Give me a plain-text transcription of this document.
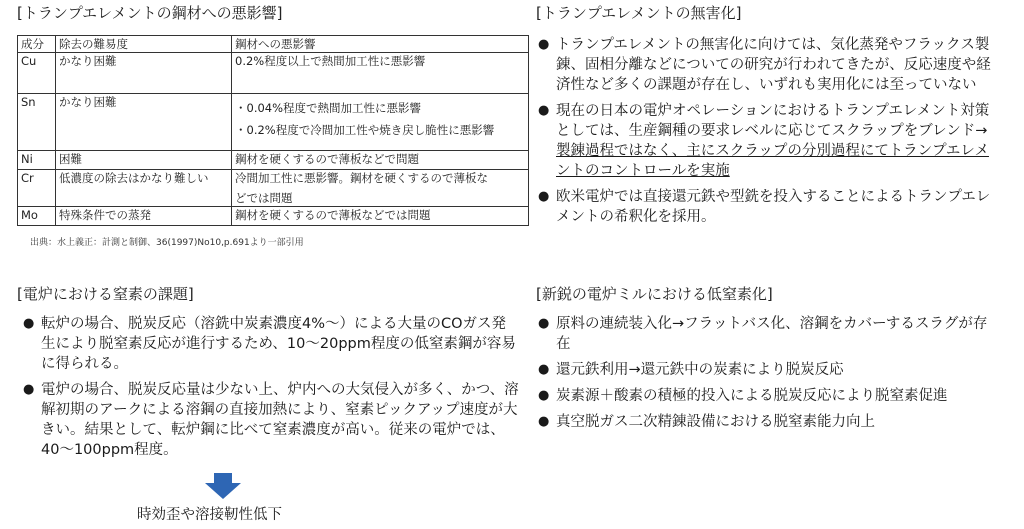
[トランプエレメントの鋼材への悪影響]
成分	除去の難易度	鋼材への悪影響
Cu	かなり困難	0.2%程度以上で熱間加工性に悪影響
Sn	かなり困難	・0.04%程度で熱間加工性に悪影響
・0.2%程度で冷間加工性や焼き戻し脆性に悪影響

Ni	困難	鋼材を硬くするので薄板などで問題
Cr	低濃度の除去はかなり難しい	冷間加工性に悪影響。鋼材を硬くするので薄板な
どでは問題

Mo	特殊条件での蒸発	鋼材を硬くするので薄板などでは問題
出典：水上義正：計測と制御、36(1997)No10,p.691より一部引用
[トランプエレメントの無害化]
● トランプエレメントの無害化に向けては、気化蒸発やフラックス製錬、固相分離などについての研究が行われてきたが、反応速度や経済性など多くの課題が存在し、いずれも実用化には至っていない
● 現在の日本の電炉オペレーションにおけるトランプエレメント対策としては、生産鋼種の要求レベルに応じてスクラップをブレンド→製錬過程ではなく、主にスクラップの分別過程にてトランプエレメントのコントロールを実施
● 欧米電炉では直接還元鉄や型銑を投入することによるトランプエレメントの希釈化を採用。
[電炉における窒素の課題]
● 転炉の場合、脱炭反応（溶銑中炭素濃度4%～）による大量のCOガス発生により脱窒素反応が進行するため、10～20ppm程度の低窒素鋼が容易に得られる。
● 電炉の場合、脱炭反応量は少ない上、炉内への大気侵入が多く、かつ、溶解初期のアークによる溶鋼の直接加熱により、窒素ピックアップ速度が大きい。結果として、転炉鋼に比べて窒素濃度が高い。従来の電炉では、40～100ppm程度。
時効歪や溶接靭性低下
[新鋭の電炉ミルにおける低窒素化]
● 原料の連続装入化→フラットバス化、溶鋼をカバーするスラグが存在
● 還元鉄利用→還元鉄中の炭素により脱炭反応
● 炭素源＋酸素の積極的投入による脱炭反応により脱窒素促進
● 真空脱ガス二次精錬設備における脱窒素能力向上
